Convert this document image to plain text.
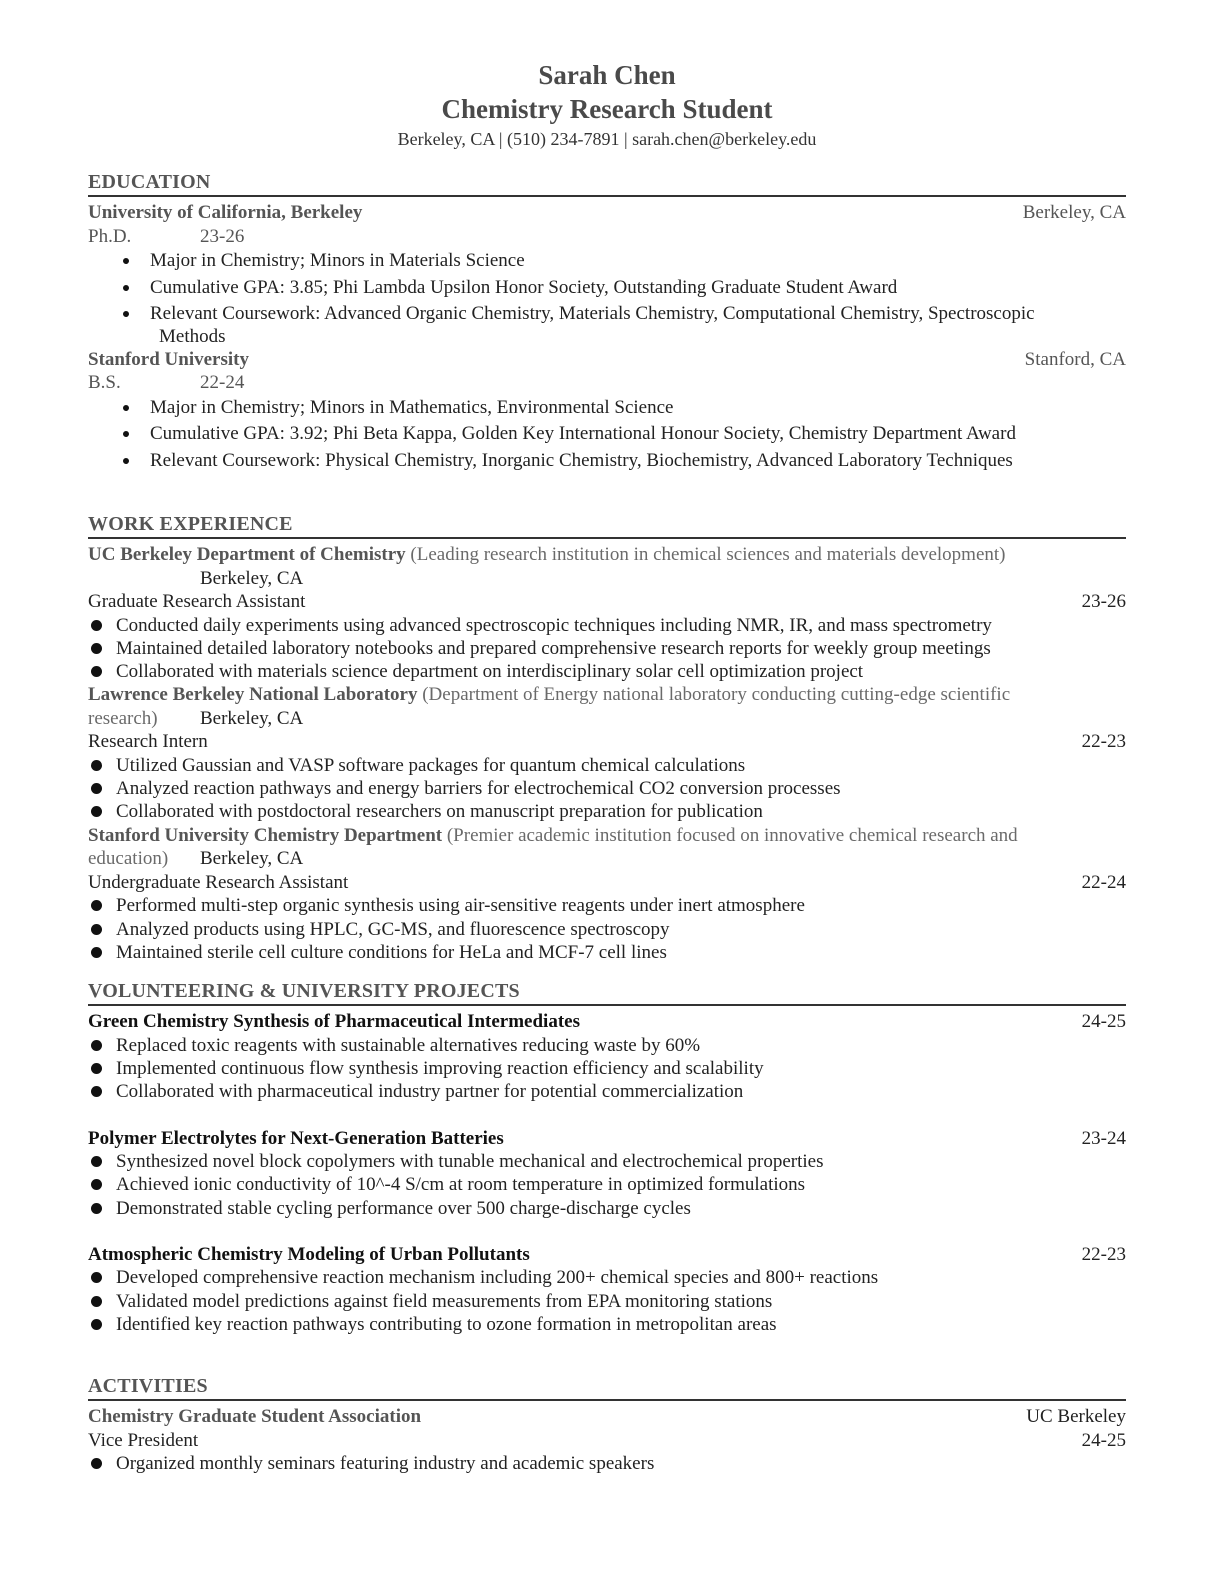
Sarah Chen
Chemistry Research Student
Berkeley, CA | (510) 234-7891 | sarah.chen@berkeley.edu
EDUCATION
University of California, Berkeley	Berkeley, CA
Ph.D.	23-26
Major in Chemistry; Minors in Materials Science
Cumulative GPA: 3.85; Phi Lambda Upsilon Honor Society, Outstanding Graduate Student Award
Relevant Coursework: Advanced Organic Chemistry, Materials Chemistry, Computational Chemistry, Spectroscopic
Methods
Stanford University	Stanford, CA
B.S.	22-24
Major in Chemistry; Minors in Mathematics, Environmental Science
Cumulative GPA: 3.92; Phi Beta Kappa, Golden Key International Honour Society, Chemistry Department Award
Relevant Coursework: Physical Chemistry, Inorganic Chemistry, Biochemistry, Advanced Laboratory Techniques
WORK EXPERIENCE
UC Berkeley Department of Chemistry (Leading research institution in chemical sciences and materials development)
Berkeley, CA
Graduate Research Assistant	23-26
Conducted daily experiments using advanced spectroscopic techniques including NMR, IR, and mass spectrometry
Maintained detailed laboratory notebooks and prepared comprehensive research reports for weekly group meetings
Collaborated with materials science department on interdisciplinary solar cell optimization project
Lawrence Berkeley National Laboratory (Department of Energy national laboratory conducting cutting-edge scientific
research)	Berkeley, CA
Research Intern	22-23
Utilized Gaussian and VASP software packages for quantum chemical calculations
Analyzed reaction pathways and energy barriers for electrochemical CO2 conversion processes
Collaborated with postdoctoral researchers on manuscript preparation for publication
Stanford University Chemistry Department (Premier academic institution focused on innovative chemical research and
education)	Berkeley, CA
Undergraduate Research Assistant	22-24
Performed multi-step organic synthesis using air-sensitive reagents under inert atmosphere
Analyzed products using HPLC, GC-MS, and fluorescence spectroscopy
Maintained sterile cell culture conditions for HeLa and MCF-7 cell lines
VOLUNTEERING & UNIVERSITY PROJECTS
Green Chemistry Synthesis of Pharmaceutical Intermediates	24-25
Replaced toxic reagents with sustainable alternatives reducing waste by 60%
Implemented continuous flow synthesis improving reaction efficiency and scalability
Collaborated with pharmaceutical industry partner for potential commercialization
Polymer Electrolytes for Next-Generation Batteries	23-24
Synthesized novel block copolymers with tunable mechanical and electrochemical properties
Achieved ionic conductivity of 10^-4 S/cm at room temperature in optimized formulations
Demonstrated stable cycling performance over 500 charge-discharge cycles
Atmospheric Chemistry Modeling of Urban Pollutants	22-23
Developed comprehensive reaction mechanism including 200+ chemical species and 800+ reactions
Validated model predictions against field measurements from EPA monitoring stations
Identified key reaction pathways contributing to ozone formation in metropolitan areas
ACTIVITIES
Chemistry Graduate Student Association	UC Berkeley
Vice President	24-25
Organized monthly seminars featuring industry and academic speakers
